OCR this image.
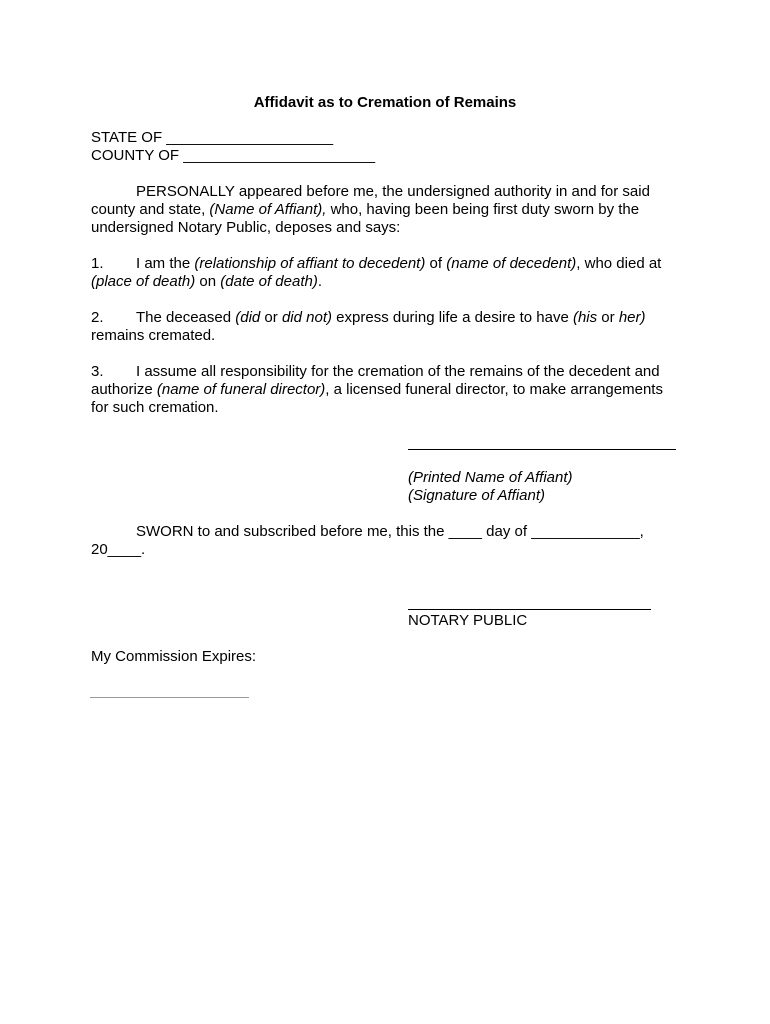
Affidavit as to Cremation of Remains
STATE OF ____________________
COUNTY OF _______________________
PERSONALLY appeared before me, the undersigned authority in and for said
county and state, (Name of Affiant), who, having been being first duty sworn by the
undersigned Notary Public, deposes and says:
1. I am the (relationship of affiant to decedent) of (name of decedent), who died at
(place of death) on (date of death).
2. The deceased (did or did not) express during life a desire to have (his or her)
remains cremated.
3. I assume all responsibility for the cremation of the remains of the decedent and
authorize (name of funeral director), a licensed funeral director, to make arrangements
for such cremation.
(Printed Name of Affiant)
(Signature of Affiant)
SWORN to and subscribed before me, this the ____ day of _____________,
20____.
NOTARY PUBLIC
My Commission Expires:
